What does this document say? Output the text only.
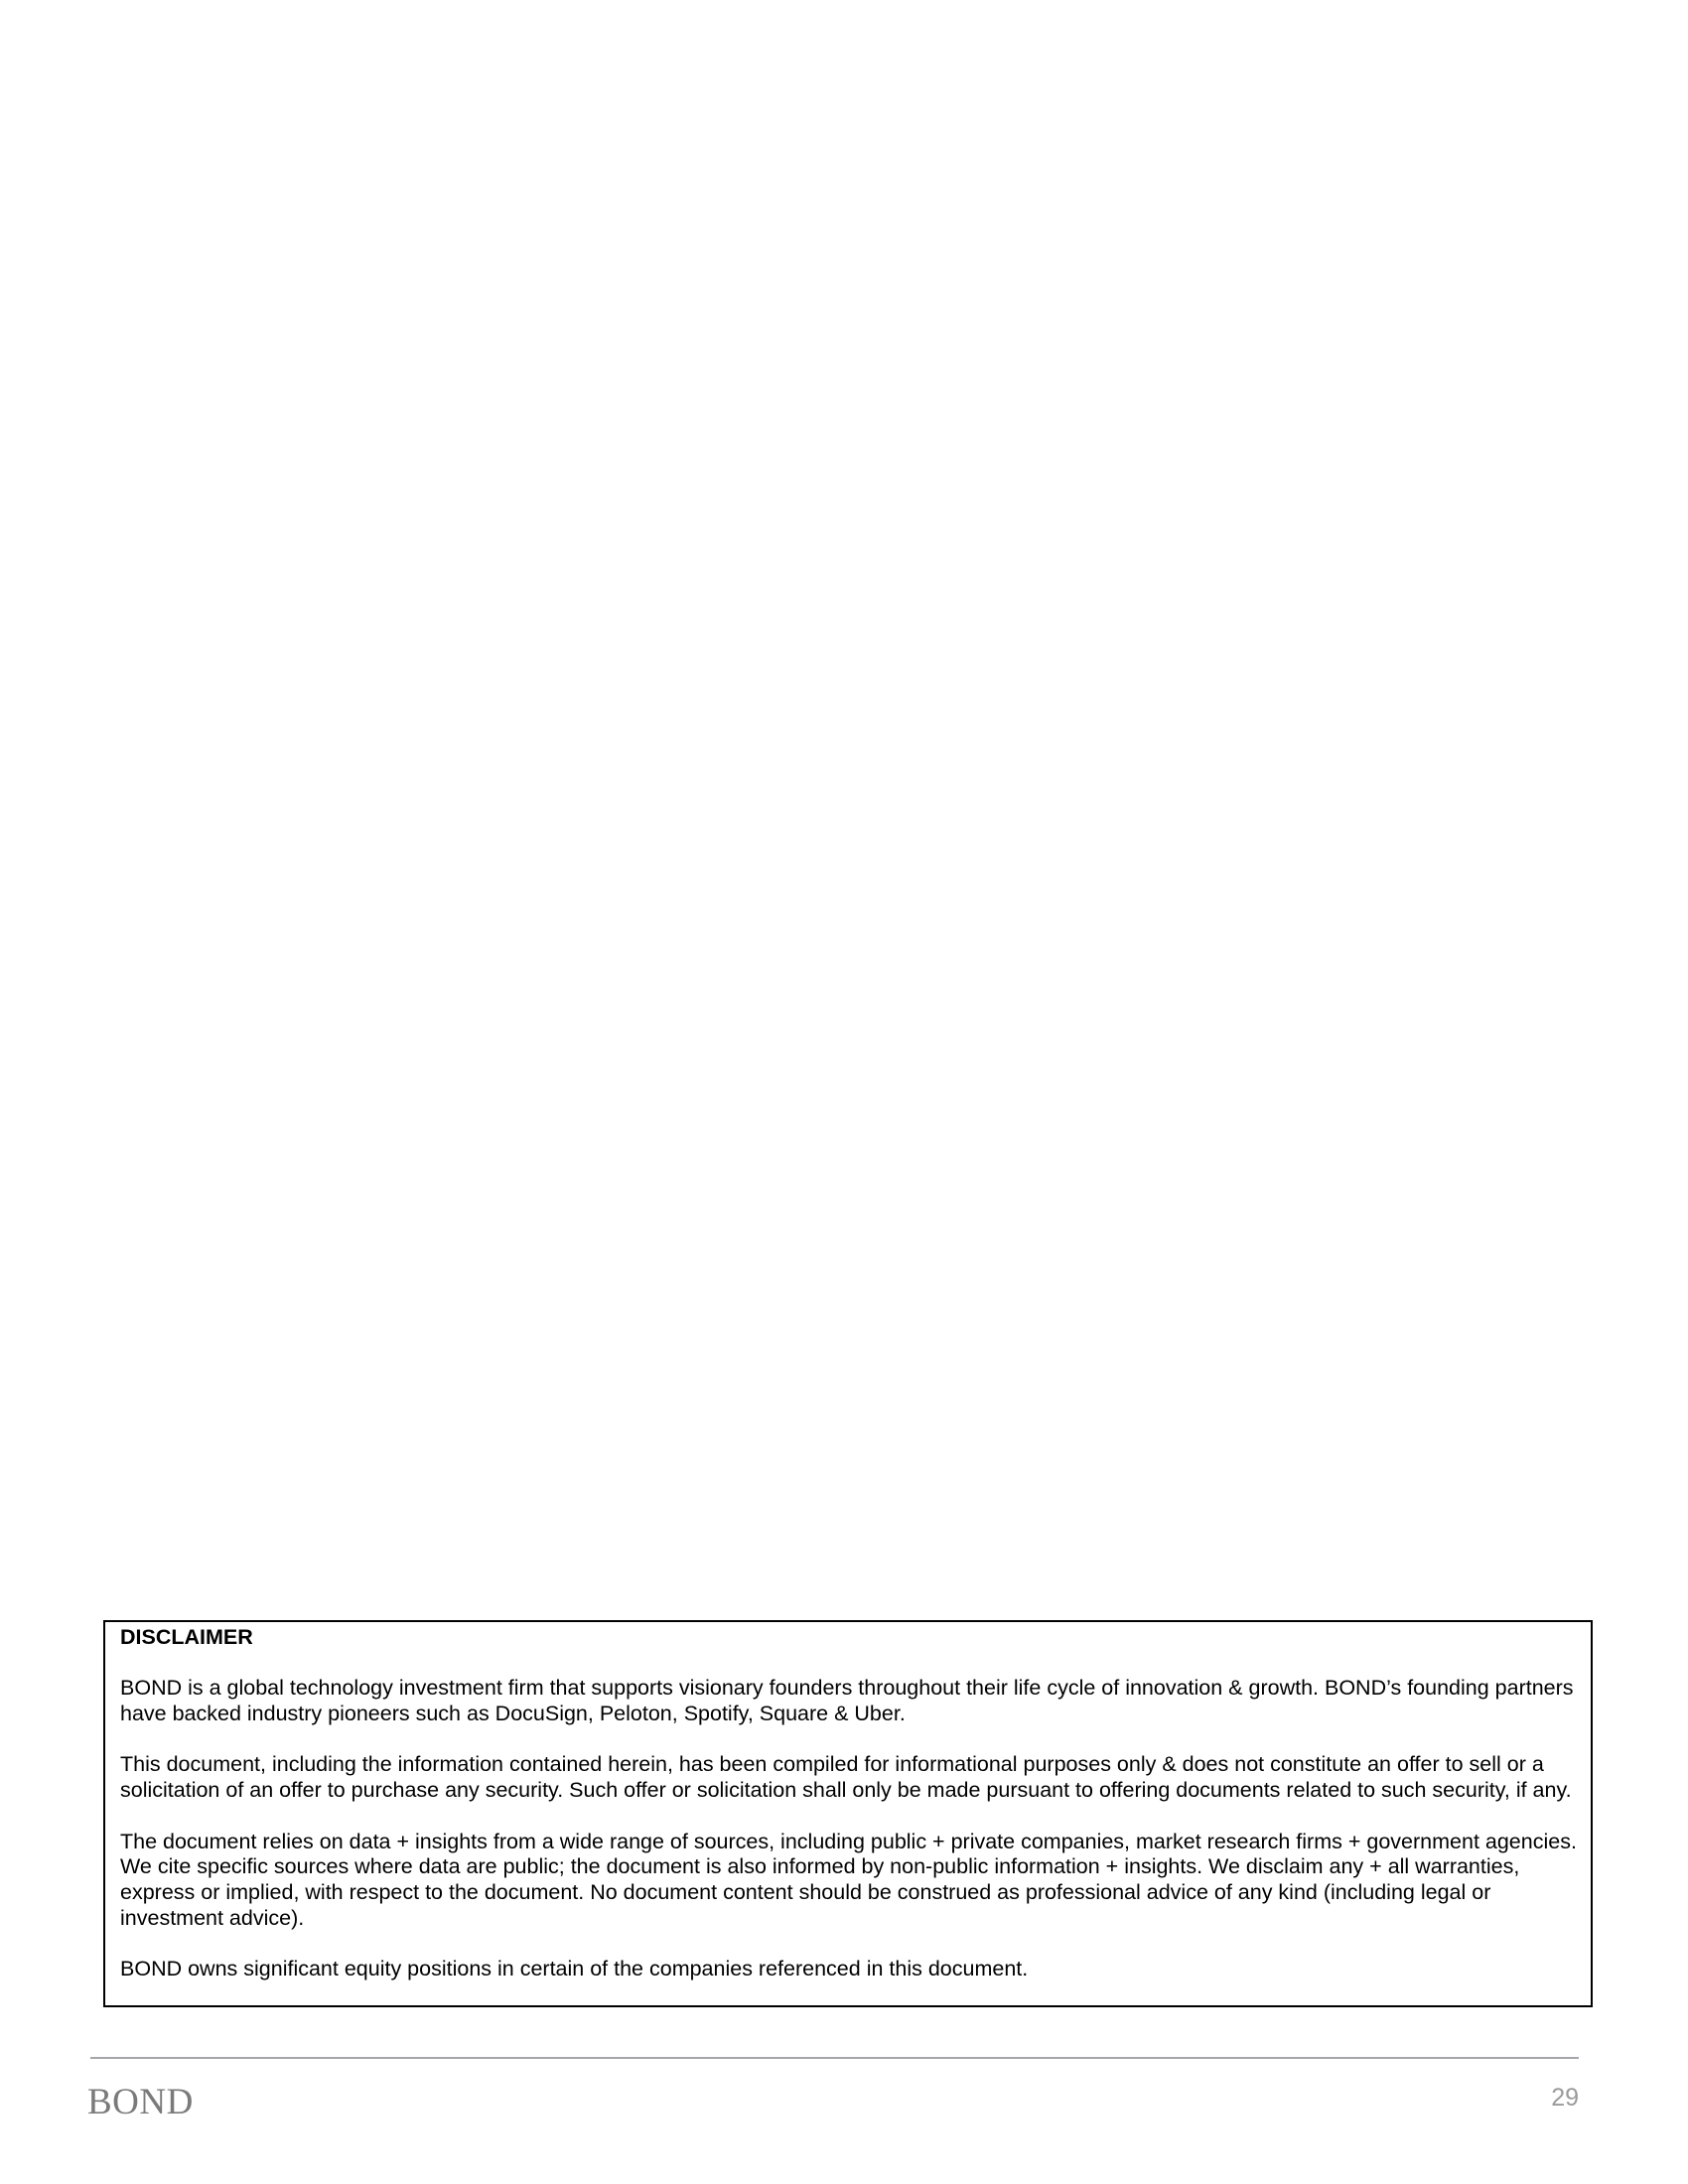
DISCLAIMER

BOND is a global technology investment firm that supports visionary founders throughout their life cycle of innovation & growth. BOND’s founding partners have backed industry pioneers such as DocuSign, Peloton, Spotify, Square & Uber.

This document, including the information contained herein, has been compiled for informational purposes only & does not constitute an offer to sell or a solicitation of an offer to purchase any security. Such offer or solicitation shall only be made pursuant to offering documents related to such security, if any.

The document relies on data + insights from a wide range of sources, including public + private companies, market research firms + government agencies. We cite specific sources where data are public; the document is also informed by non-public information + insights. We disclaim any + all warranties, express or implied, with respect to the document. No document content should be construed as professional advice of any kind (including legal or investment advice).

BOND owns significant equity positions in certain of the companies referenced in this document.

BOND	29
